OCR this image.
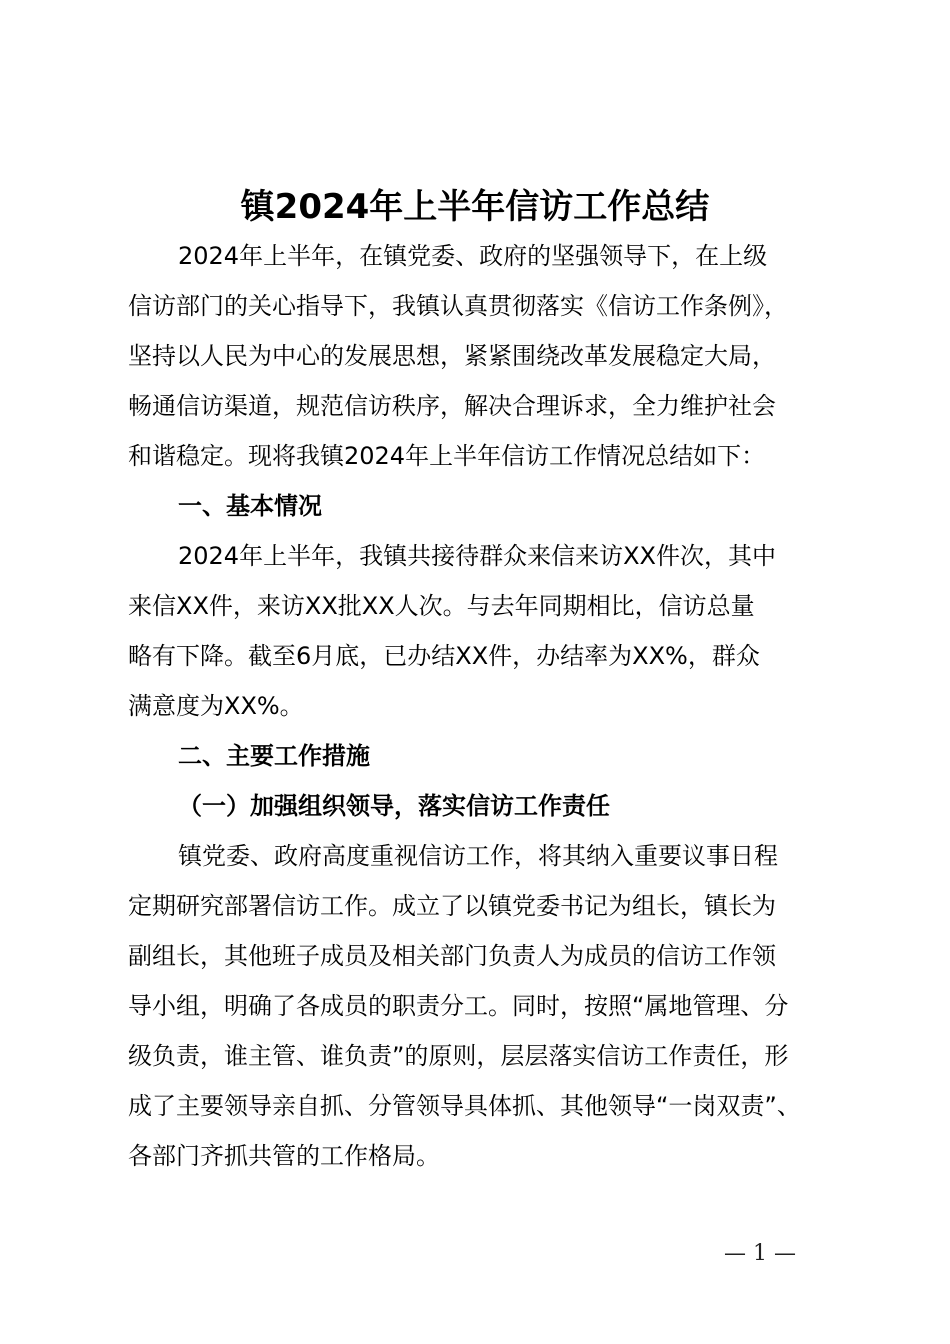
镇2024年上半年信访工作总结
2024年上半年，在镇党委、政府的坚强领导下，在上级
信访部门的关心指导下，我镇认真贯彻落实《信访工作条例》，
坚持以人民为中心的发展思想，紧紧围绕改革发展稳定大局，
畅通信访渠道，规范信访秩序，解决合理诉求，全力维护社会
和谐稳定。现将我镇2024年上半年信访工作情况总结如下：
一、基本情况
2024年上半年，我镇共接待群众来信来访XX件次，其中
来信XX件，来访XX批XX人次。与去年同期相比，信访总量
略有下降。截至6月底，已办结XX件，办结率为XX%，群众
满意度为XX%。
二、主要工作措施
（一）加强组织领导，落实信访工作责任
镇党委、政府高度重视信访工作，将其纳入重要议事日程
定期研究部署信访工作。成立了以镇党委书记为组长，镇长为
副组长，其他班子成员及相关部门负责人为成员的信访工作领
导小组，明确了各成员的职责分工。同时，按照“属地管理、分
级负责，谁主管、谁负责”的原则，层层落实信访工作责任，形
成了主要领导亲自抓、分管领导具体抓、其他领导“一岗双责”、
各部门齐抓共管的工作格局。
— 1 —
